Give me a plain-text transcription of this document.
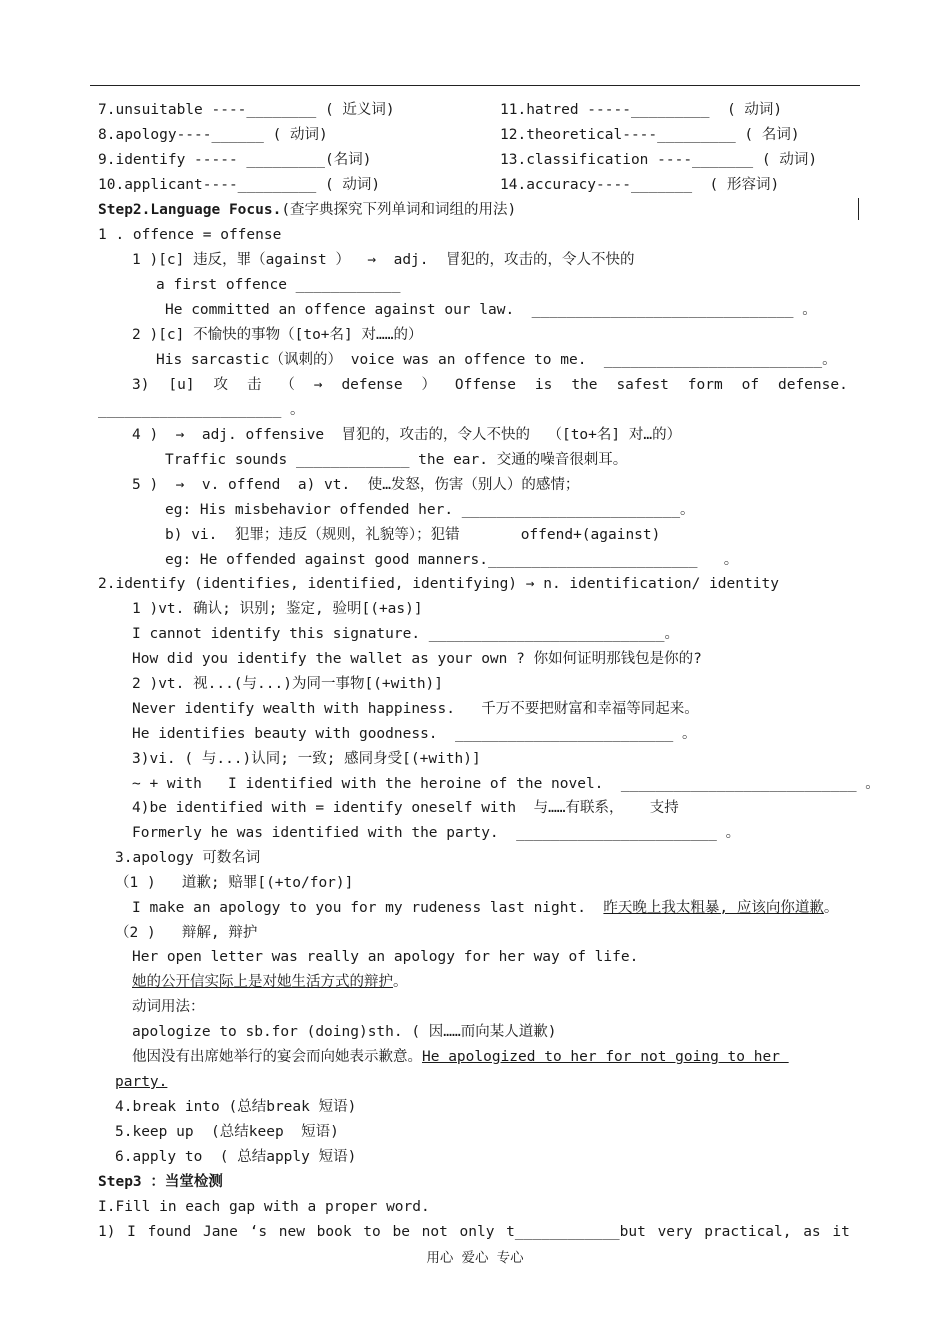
7.unsuitable ----________ ( 近义词)
8.apology----______ ( 动词)
9.identify ----- _________(名词)
10.applicant----_________ ( 动词)
11.hatred -----_________  ( 动词)
12.theoretical----_________ ( 名词)
13.classification ----_______ ( 动词)
14.accuracy----_______  ( 形容词)
Step2.Language Focus.(查字典探究下列单词和词组的用法)
1 . offence = offense
1 )[c] 违反，罪（against ）  →  adj.  冒犯的，攻击的，令人不快的
a first offence ____________
He committed an offence against our law.  ______________________________ 。
2 )[c] 不愉快的事物（[to+名] 对……的）
His sarcastic（讽刺的） voice was an offence to me.  _________________________。
3) [u] 攻 击 （ → defense ） Offense is the safest form of defense.
_____________________ 。
4 )  →  adj. offensive  冒犯的，攻击的，令人不快的  （[to+名] 对…的）
Traffic sounds _____________ the ear. 交通的噪音很刺耳。
5 )  →  v. offend  a) vt.  使…发怒，伤害（别人）的感情；
eg: His misbehavior offended her. _________________________。
b) vi.  犯罪；违反（规则，礼貌等）；犯错       offend+(against)
eg: He offended against good manners.________________________   。
2.identify (identifies, identified, identifying) → n. identification/ identity
1 )vt. 确认; 识别; 鉴定, 验明[(+as)]
I cannot identify this signature. ___________________________。
How did you identify the wallet as your own ? 你如何证明那钱包是你的?
2 )vt. 视...(与...)为同一事物[(+with)]
Never identify wealth with happiness.   千万不要把财富和幸福等同起来。
He identifies beauty with goodness.  _________________________ 。
3)vi. ( 与...)认同; 一致; 感同身受[(+with)]
~ + with   I identified with the heroine of the novel.  ___________________________ 。
4)be identified with = identify oneself with  与……有联系，   支持
Formerly he was identified with the party.  _______________________ 。
3.apology 可数名词
（1 )   道歉; 赔罪[(+to/for)]
I make an apology to you for my rudeness last night. 昨天晚上我太粗暴, 应该向你道歉。
（2 )   辩解, 辩护
Her open letter was really an apology for her way of life.
她的公开信实际上是对她生活方式的辩护。
动词用法：
apologize to sb.for (doing)sth. ( 因……而向某人道歉)
他因没有出席她举行的宴会而向她表示歉意。He apologized to her for not going to her
party.
4.break into (总结break 短语)
5.keep up  (总结keep  短语)
6.apply to  ( 总结apply 短语)
Step3 ：当堂检测
I.Fill in each gap with a proper word.
1) I found Jane ‘s new book to be not only t____________but very practical, as it
用心 爱心 专心
